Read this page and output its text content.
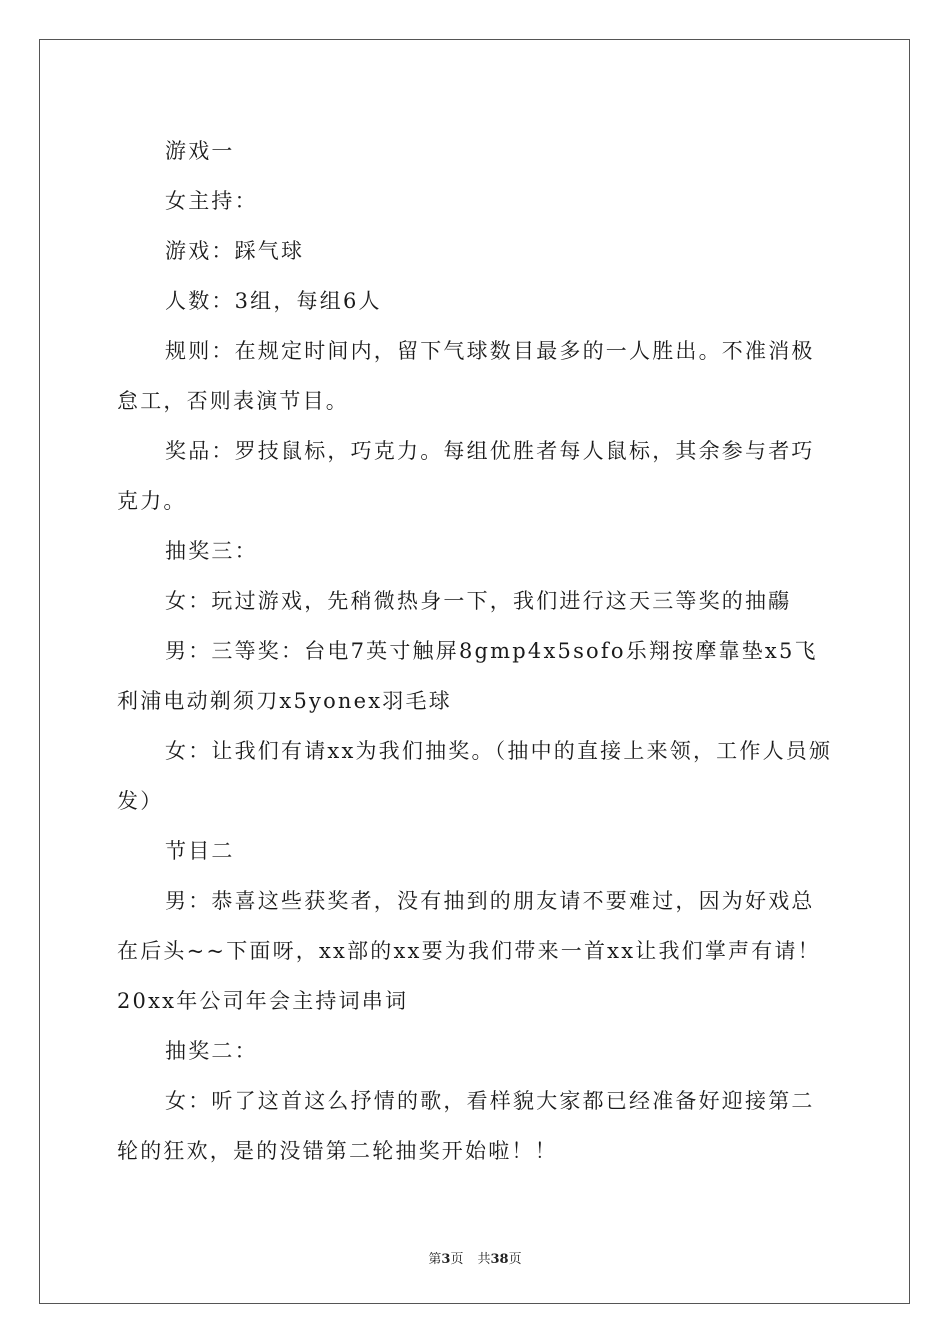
游戏一

女主持：

游戏：踩气球

人数：3组，每组6人

规则：在规定时间内，留下气球数目最多的一人胜出。不准消极怠工，否则表演节目。

奖品：罗技鼠标，巧克力。每组优胜者每人鼠标，其余参与者巧克力。

抽奖三：

女：玩过游戏，先稍微热身一下，我们进行这天三等奖的抽鬺

男：三等奖：台电7英寸触屏8gmp4x5sofo乐翔按摩靠垫x5飞利浦电动剃须刀x5yonex羽毛球

女：让我们有请xx为我们抽奖。（抽中的直接上来领，工作人员颁发）

节目二

男：恭喜这些获奖者，没有抽到的朋友请不要难过，因为好戏总在后头~~下面呀，xx部的xx要为我们带来一首xx让我们掌声有请！

20xx年公司年会主持词串词

抽奖二：

女：听了这首这么抒情的歌，看样貌大家都已经准备好迎接第二轮的狂欢，是的没错第二轮抽奖开始啦！！

第3页 共38页
